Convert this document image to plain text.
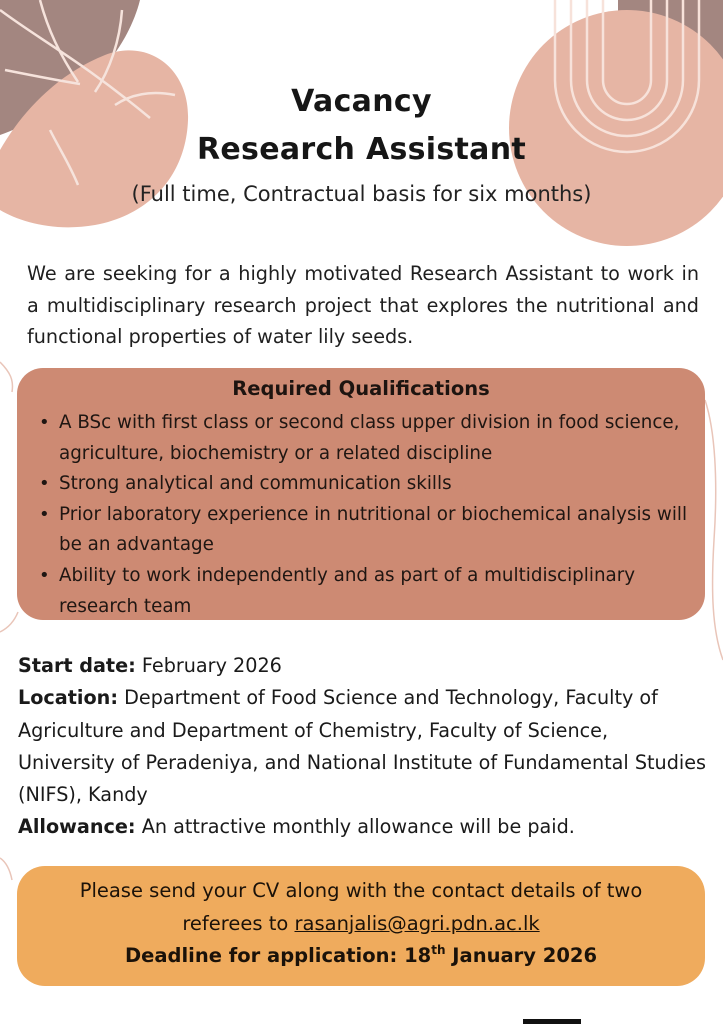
Vacancy
Research Assistant
(Full time, Contractual basis for six months)
We are seeking for a highly motivated Research Assistant to work in a multidisciplinary research project that explores the nutritional and functional properties of water lily seeds.
Required Qualifications
• A BSc with first class or second class upper division in food science, agriculture, biochemistry or a related discipline
• Strong analytical and communication skills
• Prior laboratory experience in nutritional or biochemical analysis will be an advantage
• Ability to work independently and as part of a multidisciplinary research team
Start date: February 2026
Location: Department of Food Science and Technology, Faculty of Agriculture and Department of Chemistry, Faculty of Science, University of Peradeniya, and National Institute of Fundamental Studies (NIFS), Kandy
Allowance: An attractive monthly allowance will be paid.
Please send your CV along with the contact details of two
referees to rasanjalis@agri.pdn.ac.lk
Deadline for application: 18th January 2026
